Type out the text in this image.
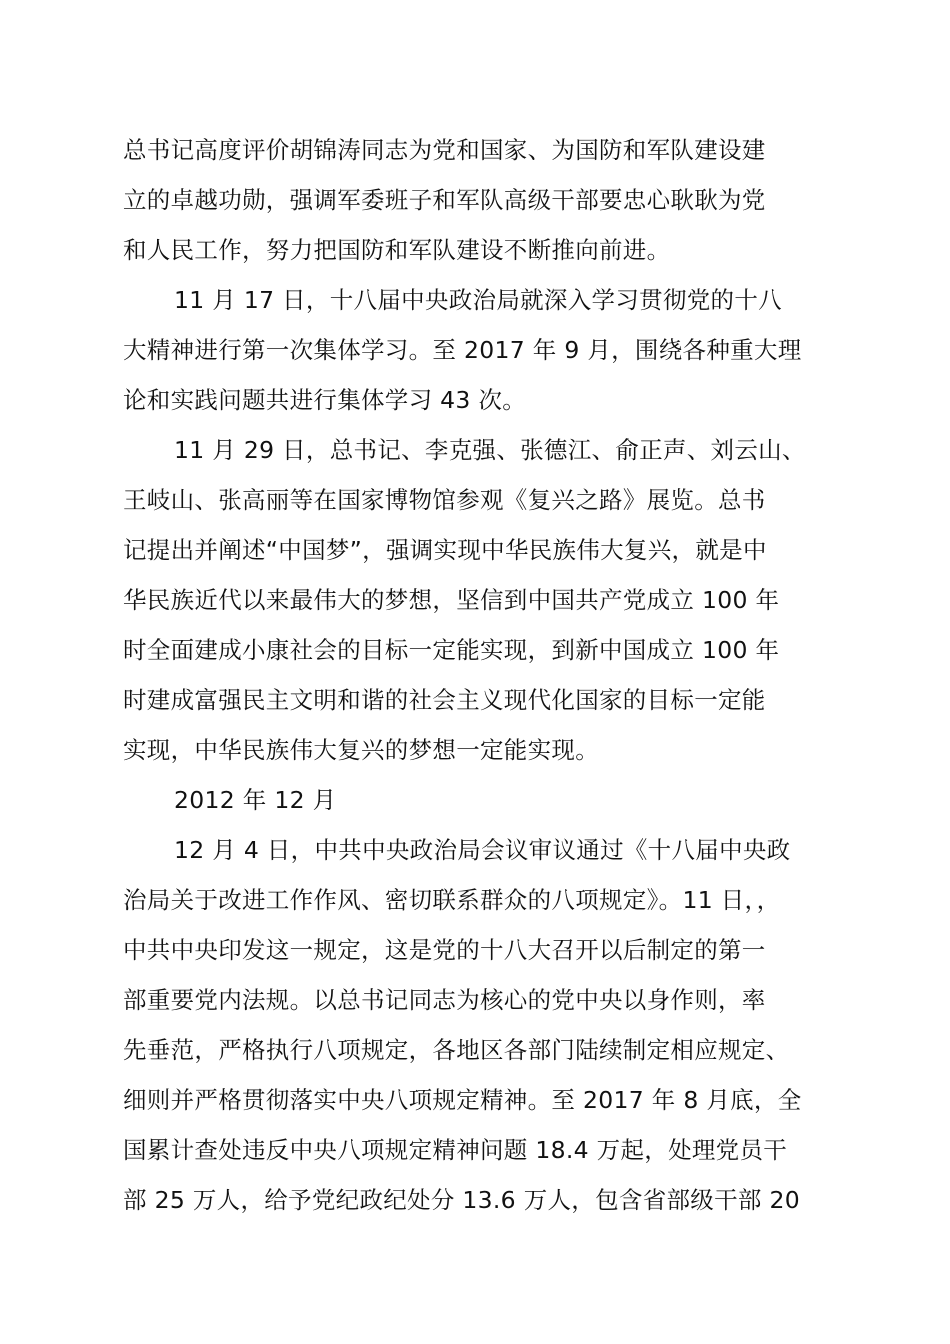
总书记高度评价胡锦涛同志为党和国家、为国防和军队建设建
立的卓越功勋，强调军委班子和军队高级干部要忠心耿耿为党
和人民工作，努力把国防和军队建设不断推向前进。
11 月 17 日，十八届中央政治局就深入学习贯彻党的十八
大精神进行第一次集体学习。至 2017 年 9 月，围绕各种重大理
论和实践问题共进行集体学习 43 次。
11 月 29 日，总书记、李克强、张德江、俞正声、刘云山、
王岐山、张高丽等在国家博物馆参观《复兴之路》展览。总书
记提出并阐述“中国梦”，强调实现中华民族伟大复兴，就是中
华民族近代以来最伟大的梦想，坚信到中国共产党成立 100 年
时全面建成小康社会的目标一定能实现，到新中国成立 100 年
时建成富强民主文明和谐的社会主义现代化国家的目标一定能
实现，中华民族伟大复兴的梦想一定能实现。
2012 年 12 月
12 月 4 日，中共中央政治局会议审议通过《十八届中央政
治局关于改进工作作风、密切联系群众的八项规定》。11 日，，
中共中央印发这一规定，这是党的十八大召开以后制定的第一
部重要党内法规。以总书记同志为核心的党中央以身作则，率
先垂范，严格执行八项规定，各地区各部门陆续制定相应规定、
细则并严格贯彻落实中央八项规定精神。至 2017 年 8 月底，全
国累计查处违反中央八项规定精神问题 18.4 万起，处理党员干
部 25 万人，给予党纪政纪处分 13.6 万人，包含省部级干部 20
